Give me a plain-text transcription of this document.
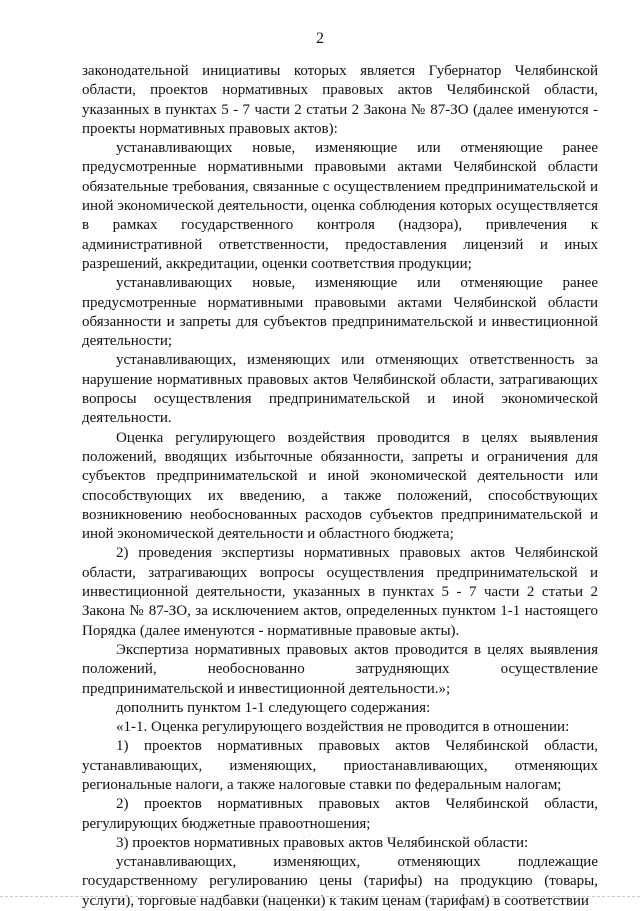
2

законодательной инициативы которых является Губернатор Челябинской области, проектов нормативных правовых актов Челябинской области, указанных в пунктах 5 - 7 части 2 статьи 2 Закона № 87-ЗО (далее именуются - проекты нормативных правовых актов):

устанавливающих новые, изменяющие или отменяющие ранее предусмотренные нормативными правовыми актами Челябинской области обязательные требования, связанные с осуществлением предпринимательской и иной экономической деятельности, оценка соблюдения которых осуществляется в рамках государственного контроля (надзора), привлечения к административной ответственности, предоставления лицензий и иных разрешений, аккредитации, оценки соответствия продукции;

устанавливающих новые, изменяющие или отменяющие ранее предусмотренные нормативными правовыми актами Челябинской области обязанности и запреты для субъектов предпринимательской и инвестиционной деятельности;

устанавливающих, изменяющих или отменяющих ответственность за нарушение нормативных правовых актов Челябинской области, затрагивающих вопросы осуществления предпринимательской и иной экономической деятельности.

Оценка регулирующего воздействия проводится в целях выявления положений, вводящих избыточные обязанности, запреты и ограничения для субъектов предпринимательской и иной экономической деятельности или способствующих их введению, а также положений, способствующих возникновению необоснованных расходов субъектов предпринимательской и иной экономической деятельности и областного бюджета;

2) проведения экспертизы нормативных правовых актов Челябинской области, затрагивающих вопросы осуществления предпринимательской и инвестиционной деятельности, указанных в пунктах 5 - 7 части 2 статьи 2 Закона № 87-ЗО, за исключением актов, определенных пунктом 1-1 настоящего Порядка (далее именуются - нормативные правовые акты).

Экспертиза нормативных правовых актов проводится в целях выявления положений, необоснованно затрудняющих осуществление предпринимательской и инвестиционной деятельности.»;

дополнить пунктом 1-1 следующего содержания:

«1-1. Оценка регулирующего воздействия не проводится в отношении:

1) проектов нормативных правовых актов Челябинской области, устанавливающих, изменяющих, приостанавливающих, отменяющих региональные налоги, а также налоговые ставки по федеральным налогам;

2) проектов нормативных правовых актов Челябинской области, регулирующих бюджетные правоотношения;

3) проектов нормативных правовых актов Челябинской области:

устанавливающих, изменяющих, отменяющих подлежащие государственному регулированию цены (тарифы) на продукцию (товары, услуги), торговые надбавки (наценки) к таким ценам (тарифам) в соответствии
